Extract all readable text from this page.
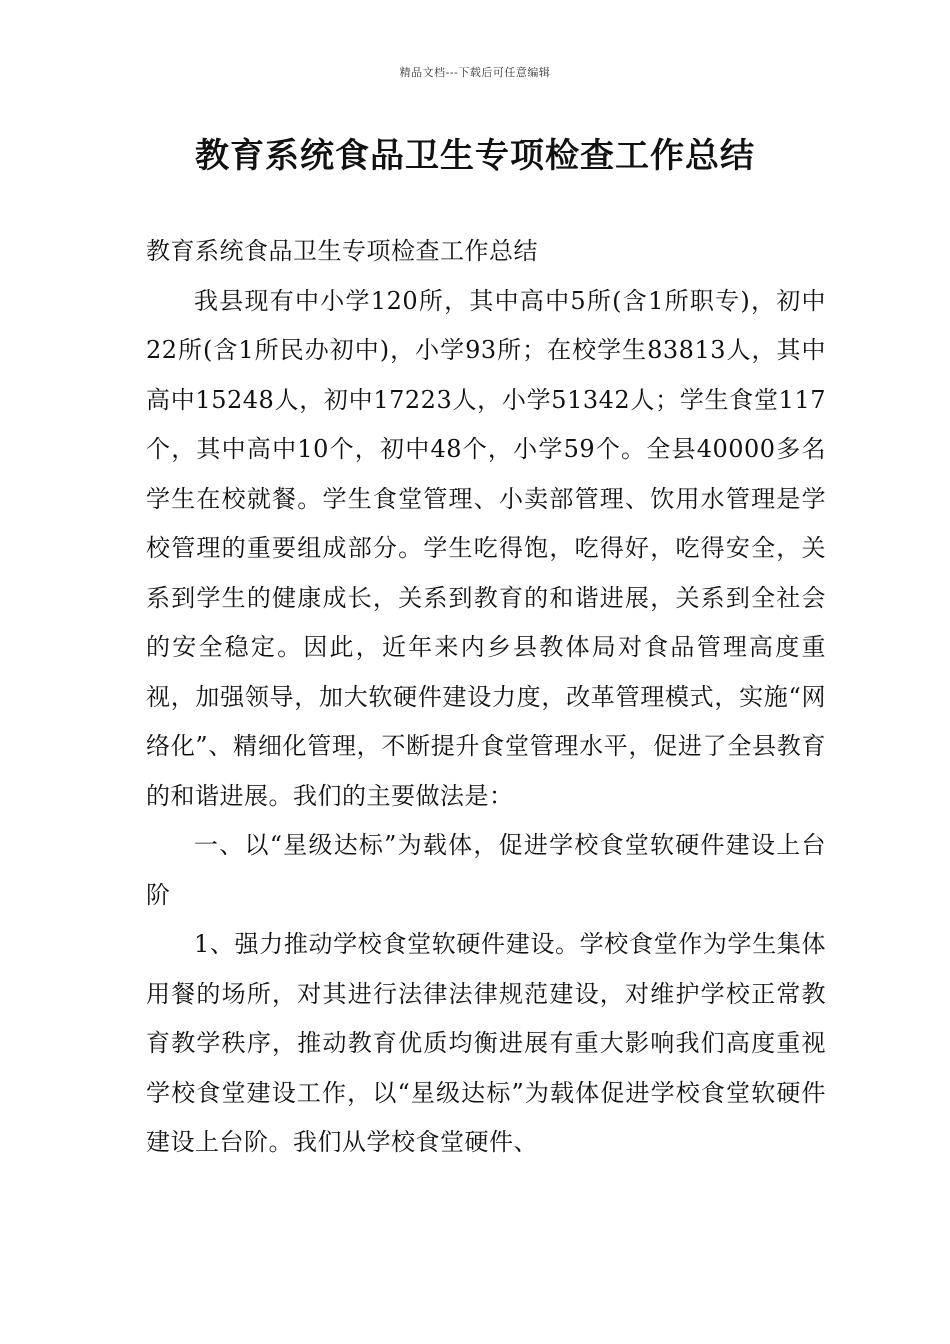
精品文档---下载后可任意编辑
教育系统食品卫生专项检查工作总结

教育系统食品卫生专项检查工作总结

我县现有中小学120所，其中高中5所(含1所职专)，初中22所(含1所民办初中)，小学93所；在校学生83813人，其中高中15248人，初中17223人，小学51342人；学生食堂117个，其中高中10个，初中48个，小学59个。全县40000多名学生在校就餐。学生食堂管理、小卖部管理、饮用水管理是学校管理的重要组成部分。学生吃得饱，吃得好，吃得安全，关系到学生的健康成长，关系到教育的和谐进展，关系到全社会的安全稳定。因此，近年来内乡县教体局对食品管理高度重视，加强领导，加大软硬件建设力度，改革管理模式，实施“网络化”、精细化管理，不断提升食堂管理水平，促进了全县教育的和谐进展。我们的主要做法是：

一、以“星级达标”为载体，促进学校食堂软硬件建设上台阶

1、强力推动学校食堂软硬件建设。学校食堂作为学生集体用餐的场所，对其进行法律法律规范建设，对维护学校正常教育教学秩序，推动教育优质均衡进展有重大影响我们高度重视学校食堂建设工作，以“星级达标”为载体促进学校食堂软硬件建设上台阶。我们从学校食堂硬件、
